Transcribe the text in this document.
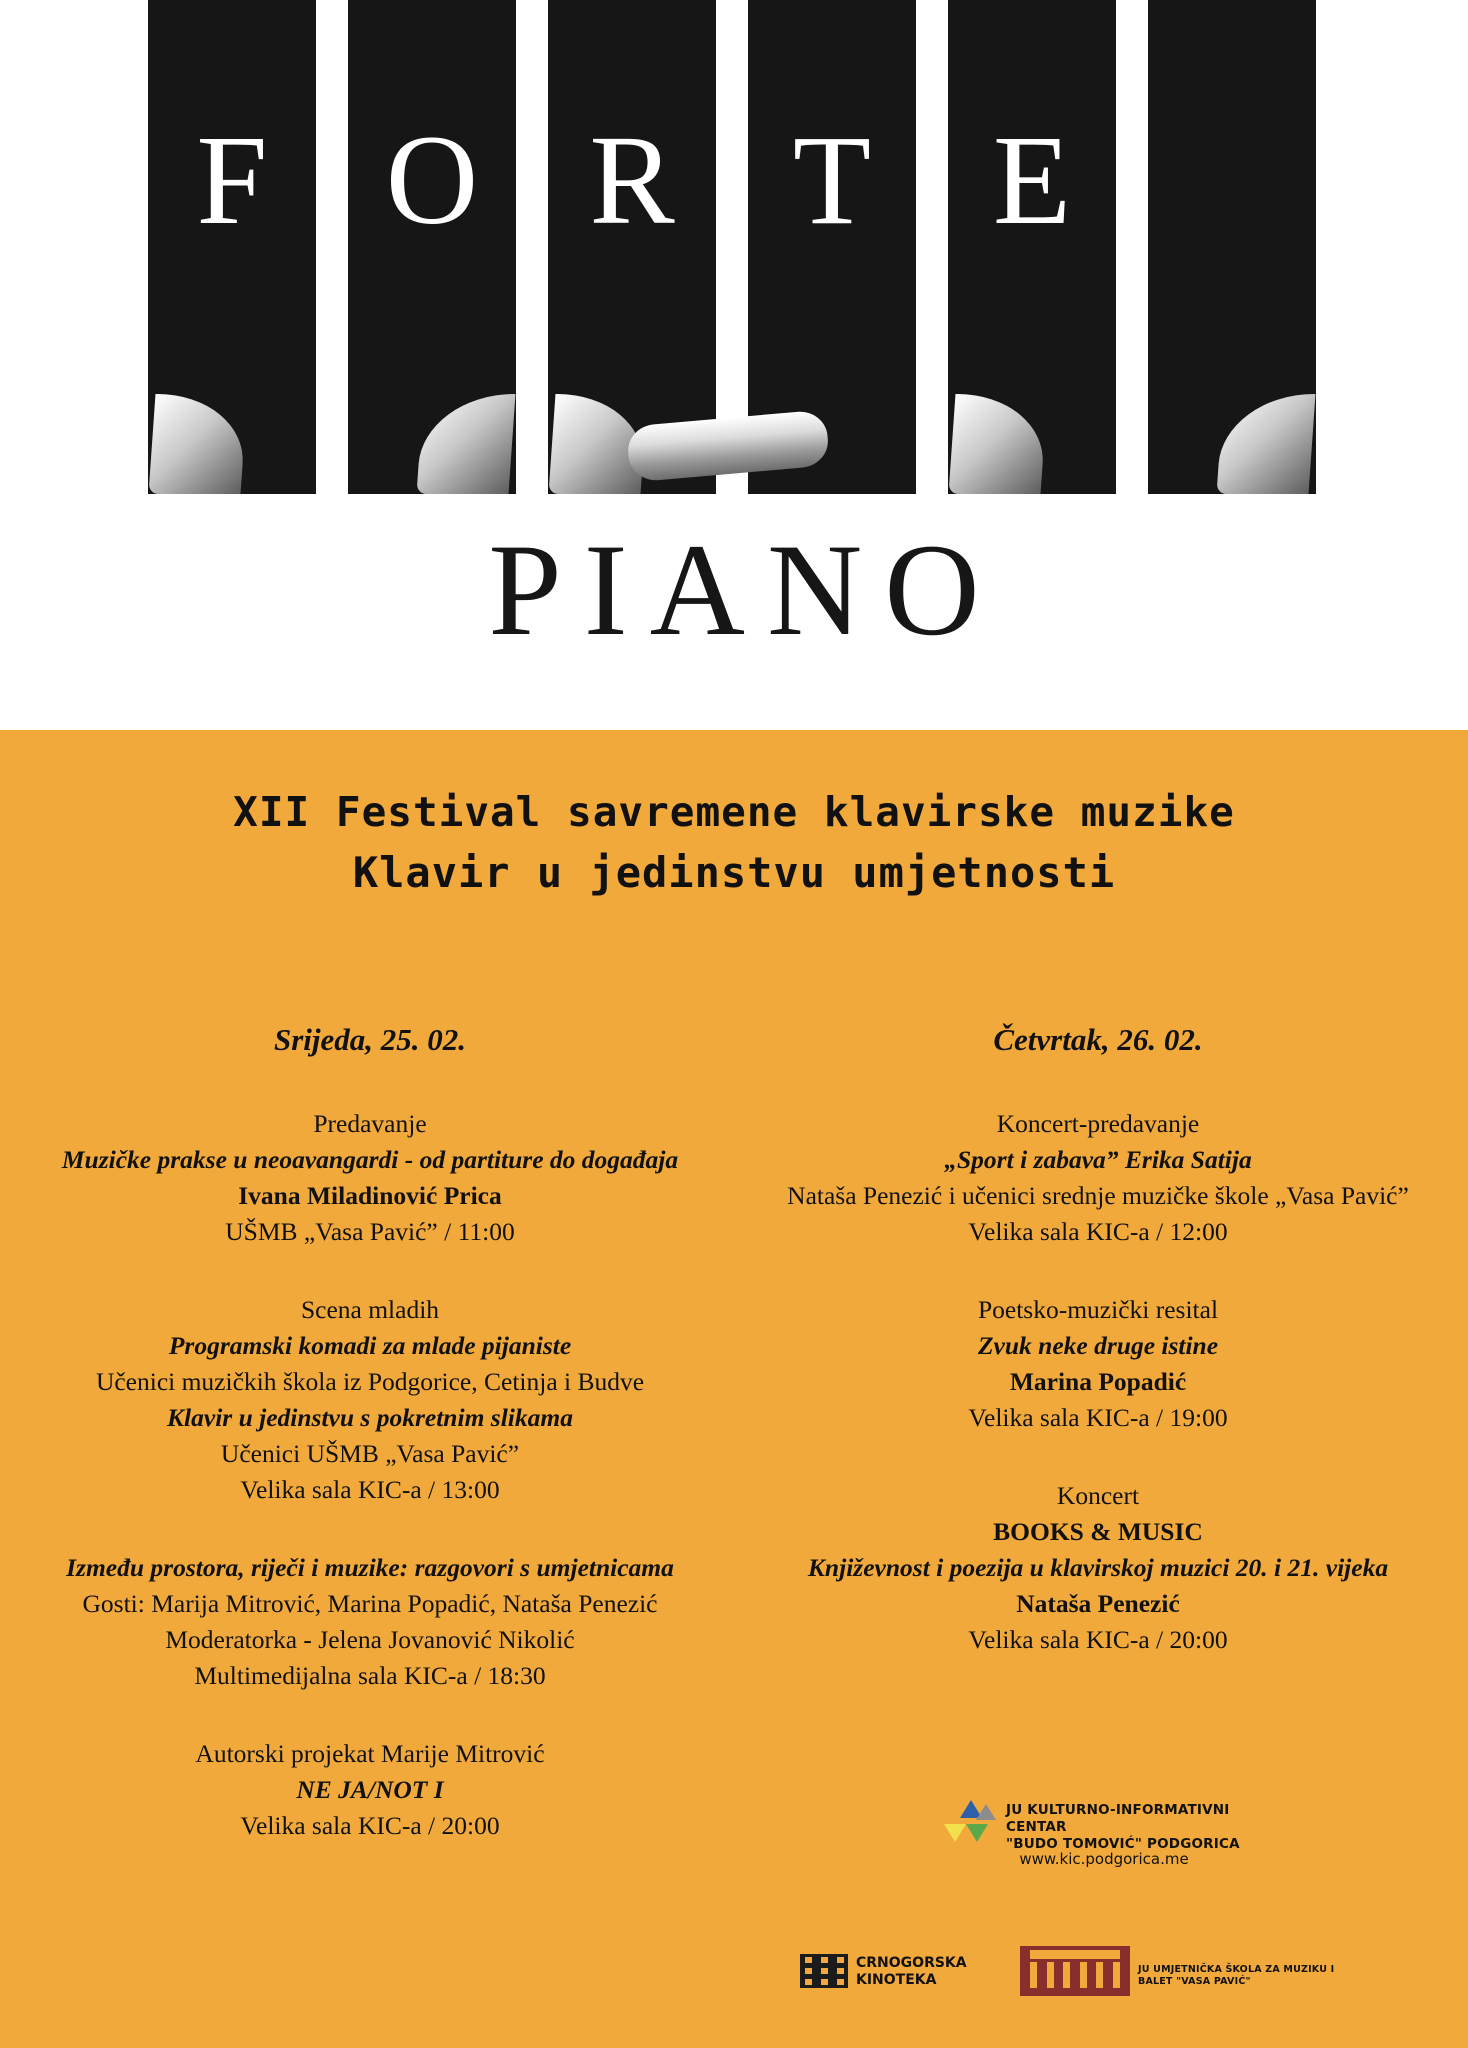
F O R T E
PIANO
XII Festival savremene klavirske muzike
Klavir u jedinstvu umjetnosti
Srijeda, 25. 02.
Predavanje
Muzičke prakse u neoavangardi - od partiture do događaja
Ivana Miladinović Prica
UŠMB „Vasa Pavić” / 11:00
Scena mladih
Programski komadi za mlade pijaniste
Učenici muzičkih škola iz Podgorice, Cetinja i Budve
Klavir u jedinstvu s pokretnim slikama
Učenici UŠMB „Vasa Pavić”
Velika sala KIC-a / 13:00
Između prostora, riječi i muzike: razgovori s umjetnicama
Gosti: Marija Mitrović, Marina Popadić, Nataša Penezić
Moderatorka - Jelena Jovanović Nikolić
Multimedijalna sala KIC-a / 18:30
Autorski projekat Marije Mitrović
NE JA/NOT I
Velika sala KIC-a / 20:00
Četvrtak, 26. 02.
Koncert-predavanje
„Sport i zabava” Erika Satija
Nataša Penezić i učenici srednje muzičke škole „Vasa Pavić”
Velika sala KIC-a / 12:00
Poetsko-muzički resital
Zvuk neke druge istine
Marina Popadić
Velika sala KIC-a / 19:00
Koncert
BOOKS & MUSIC
Književnost i poezija u klavirskoj muzici 20. i 21. vijeka
Nataša Penezić
Velika sala KIC-a / 20:00
JU KULTURNO-INFORMATIVNI CENTAR
"BUDO TOMOVIĆ" PODGORICA
www.kic.podgorica.me
CRNOGORSKA
KINOTEKA
JU UMJETNIČKA ŠKOLA ZA MUZIKU I BALET "VASA PAVIĆ"
